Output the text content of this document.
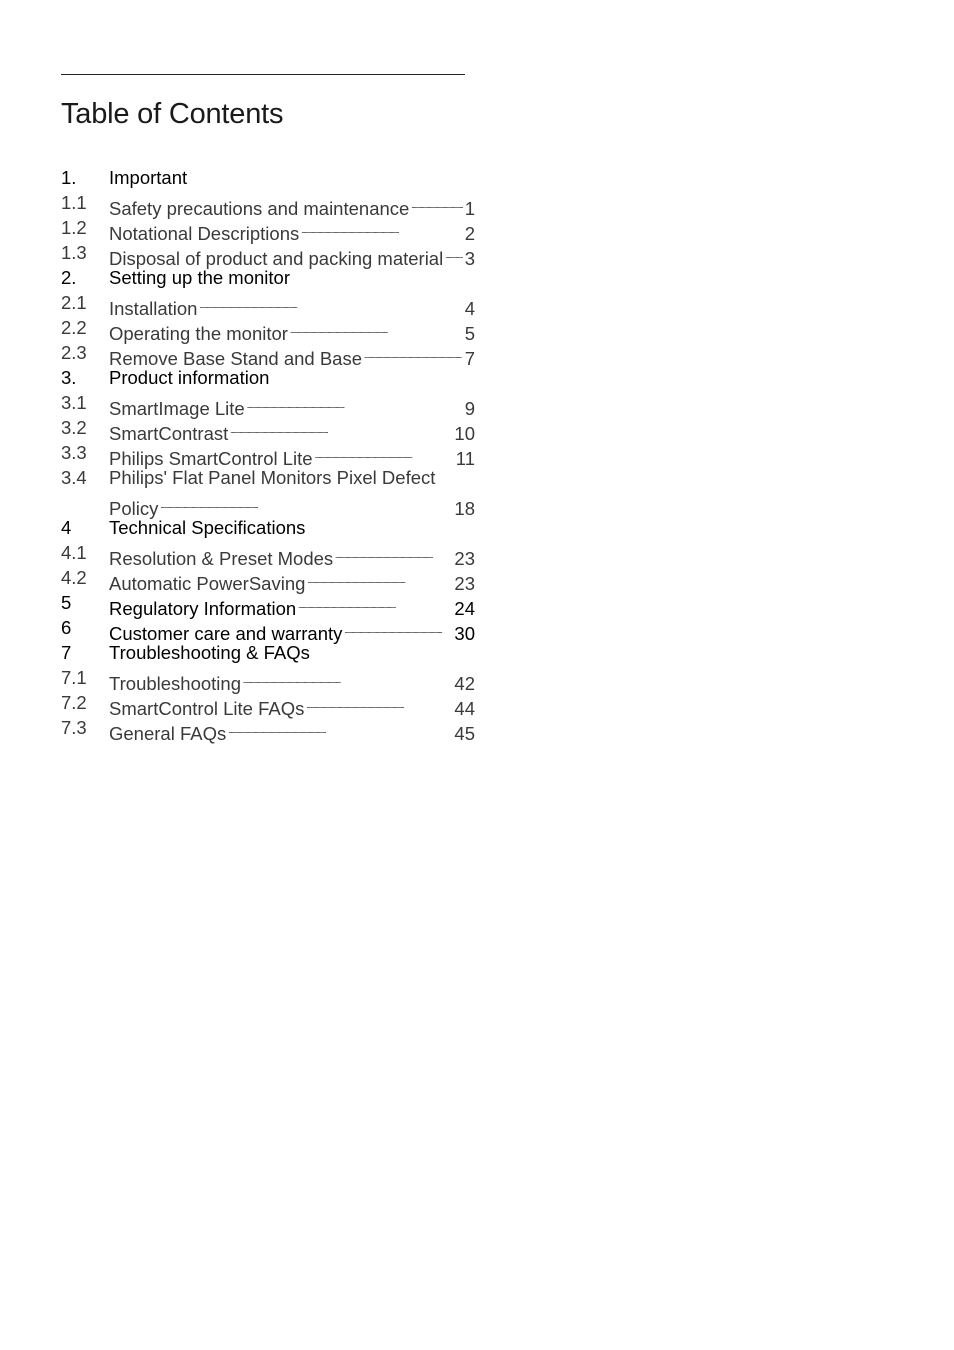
Table of Contents
1. Important
1.1 Safety precautions and maintenance . . .	1
1.2 Notational Descriptions . . .	2
1.3 Disposal of product and packing material . . . 3
2. Setting up the monitor
2.1 Installation . . .	4
2.2 Operating the monitor . . .	5
2.3 Remove Base Stand and Base . . .	7
3. Product information
3.1 SmartImage Lite . . .	9
3.2 SmartContrast . . .	10
3.3 Philips SmartControl Lite . . .	11
3.4 Philips' Flat Panel Monitors Pixel Defect
Policy . . .	18
4 Technical Specifications
4.1 Resolution & Preset Modes . . .	23
4.2 Automatic PowerSaving . . .	23
5 Regulatory Information . . .	24
6 Customer care and warranty . . .	30
7 Troubleshooting & FAQs
7.1 Troubleshooting . . .	42
7.2 SmartControl Lite FAQs . . .	44
7.3 General FAQs . . .	45
